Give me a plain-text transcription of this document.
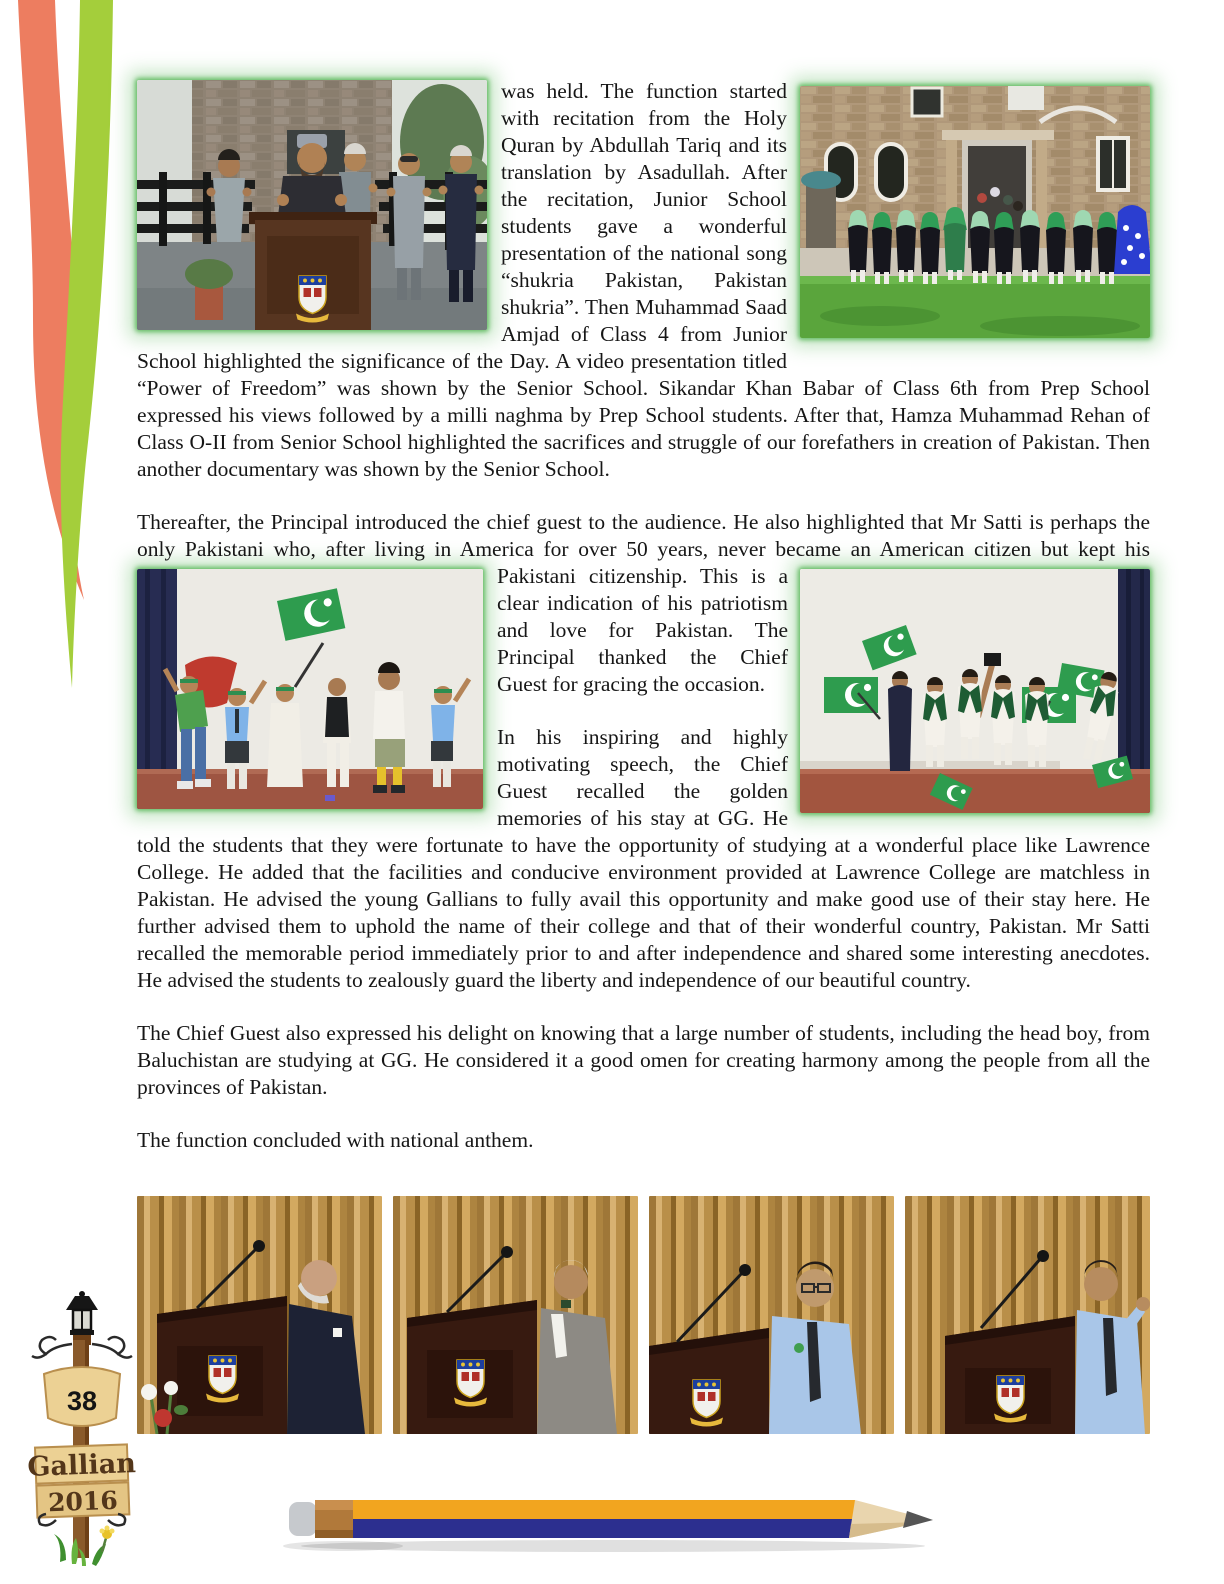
was held. The function started with recitation from the Holy Quran by Abdullah Tariq and its translation by Asadullah. After the recitation, Junior School students gave a wonderful presentation of the national song “shukria Pakistan, Pakistan shukria”. Then Muhammad Saad Amjad of Class 4 from Junior School highlighted the significance of the Day. A video presentation titled “Power of Freedom” was shown by the Senior School. Sikandar Khan Babar of Class 6th from Prep School expressed his views followed by a milli naghma by Prep School students. After that, Hamza Muhammad Rehan of Class O-II from Senior School highlighted the sacrifices and struggle of our forefathers in creation of Pakistan. Then another documentary was shown by the Senior School.

Thereafter, the Principal introduced the chief guest to the audience. He also highlighted that Mr Satti is perhaps the only Pakistani who, after living in America for over 50 years, never became an American citizen but kept his Pakistani citizenship. This is a clear indication of his patriotism and love for Pakistan. The Principal thanked the Chief Guest for gracing the occasion.

In his inspiring and highly motivating speech, the Chief Guest recalled the golden memories of his stay at GG. He told the students that they were fortunate to have the opportunity of studying at a wonderful place like Lawrence College. He added that the facilities and conducive environment provided at Lawrence College are matchless in Pakistan. He advised the young Gallians to fully avail this opportunity and make good use of their stay here. He further advised them to uphold the name of their college and that of their wonderful country, Pakistan. Mr Satti recalled the memorable period immediately prior to and after independence and shared some interesting anecdotes. He advised the students to zealously guard the liberty and independence of our beautiful country.

The Chief Guest also expressed his delight on knowing that a large number of students, including the head boy, from Baluchistan are studying at GG. He considered it a good omen for creating harmony among the people from all the provinces of Pakistan.

The function concluded with national anthem.

38
Gallian
2016
